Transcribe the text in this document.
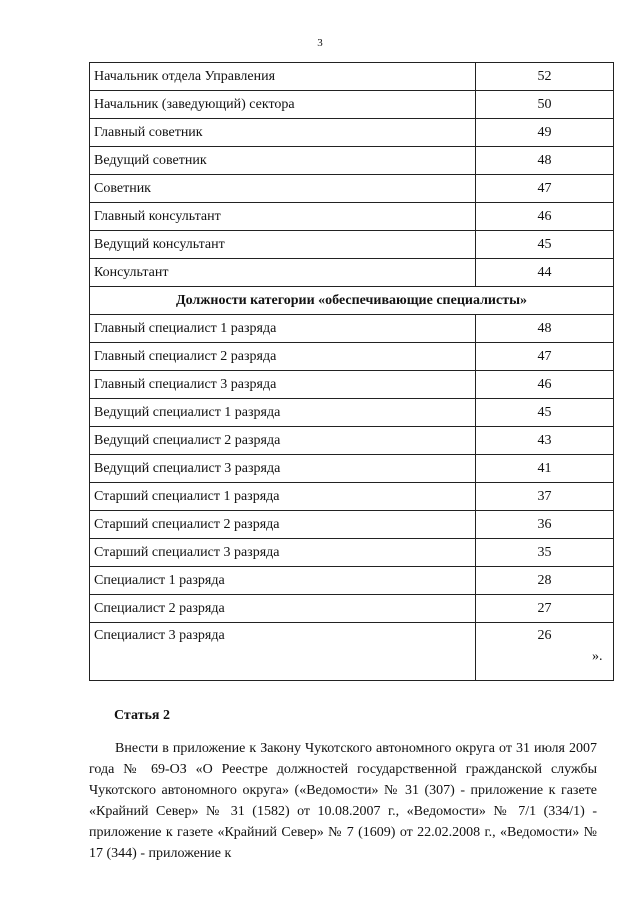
3
Начальник отдела Управления	52
Начальник (заведующий) сектора	50
Главный советник	49
Ведущий советник	48
Советник	47
Главный консультант	46
Ведущий консультант	45
Консультант	44
Должности категории «обеспечивающие специалисты»	
Главный специалист 1 разряда	48
Главный специалист 2 разряда	47
Главный специалист 3 разряда	46
Ведущий специалист 1 разряда	45
Ведущий специалист 2 разряда	43
Ведущий специалист 3 разряда	41
Старший специалист 1 разряда	37
Старший специалист 2 разряда	36
Старший специалист 3 разряда	35
Специалист 1 разряда	28
Специалист 2 разряда	27
Специалист 3 разряда	26
».
Статья 2

Внести в приложение к Закону Чукотского автономного округа от 31 июля 2007 года № 69-ОЗ «О Реестре должностей государственной гражданской службы Чукотского автономного округа» («Ведомости» № 31 (307) - приложение к газете «Крайний Север» № 31 (1582) от 10.08.2007 г., «Ведомости» № 7/1 (334/1) - приложение к газете «Крайний Север» № 7 (1609) от 22.02.2008 г., «Ведомости» № 17 (344) - приложение к
